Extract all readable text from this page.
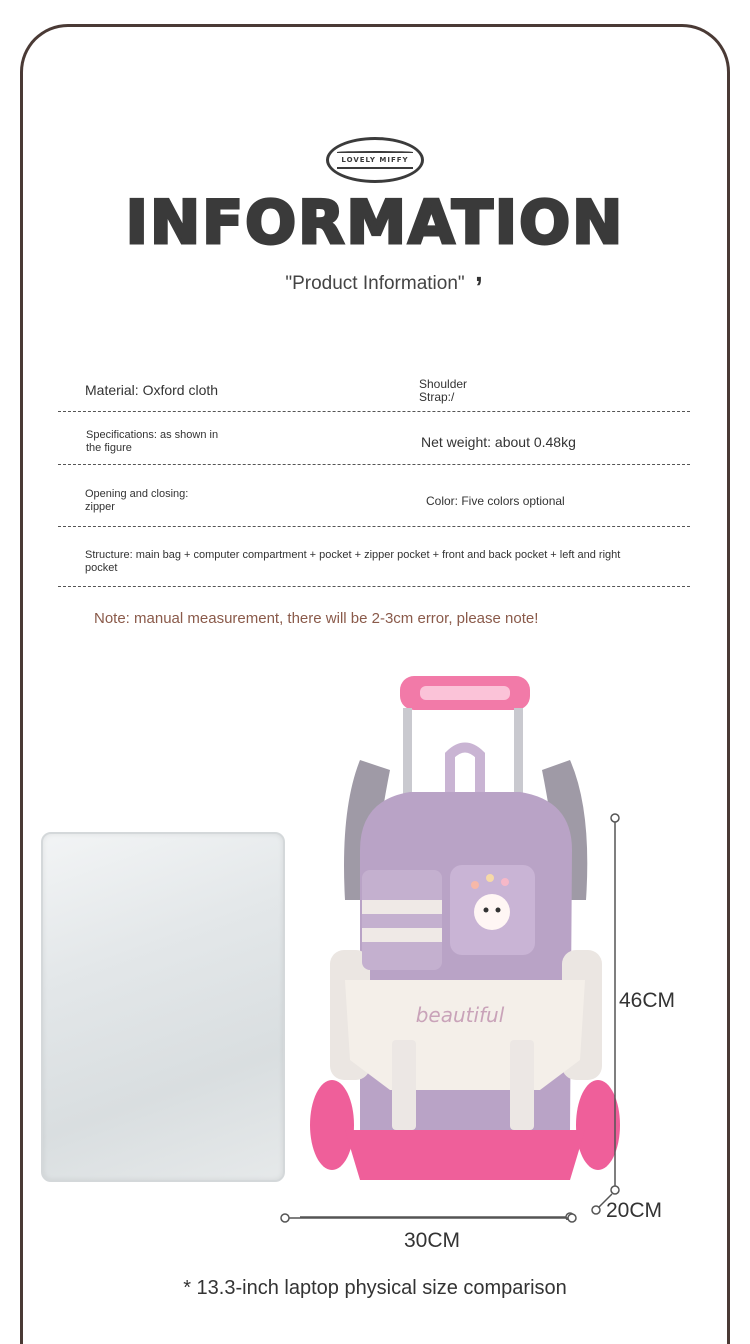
LOVELY MIFFY
INFORMATION
"Product Information" ,
Material: Oxford cloth	Shoulder
Strap:/
Specifications: as shown in
the figure	Net weight: about 0.48kg
Opening and closing:
zipper	Color: Five colors optional
Structure: main bag + computer compartment + pocket + zipper pocket + front and back pocket + left and right
pocket
Note: manual measurement, there will be 2-3cm error, please note!
beautiful
46CM
20CM
30CM
* 13.3-inch laptop physical size comparison
